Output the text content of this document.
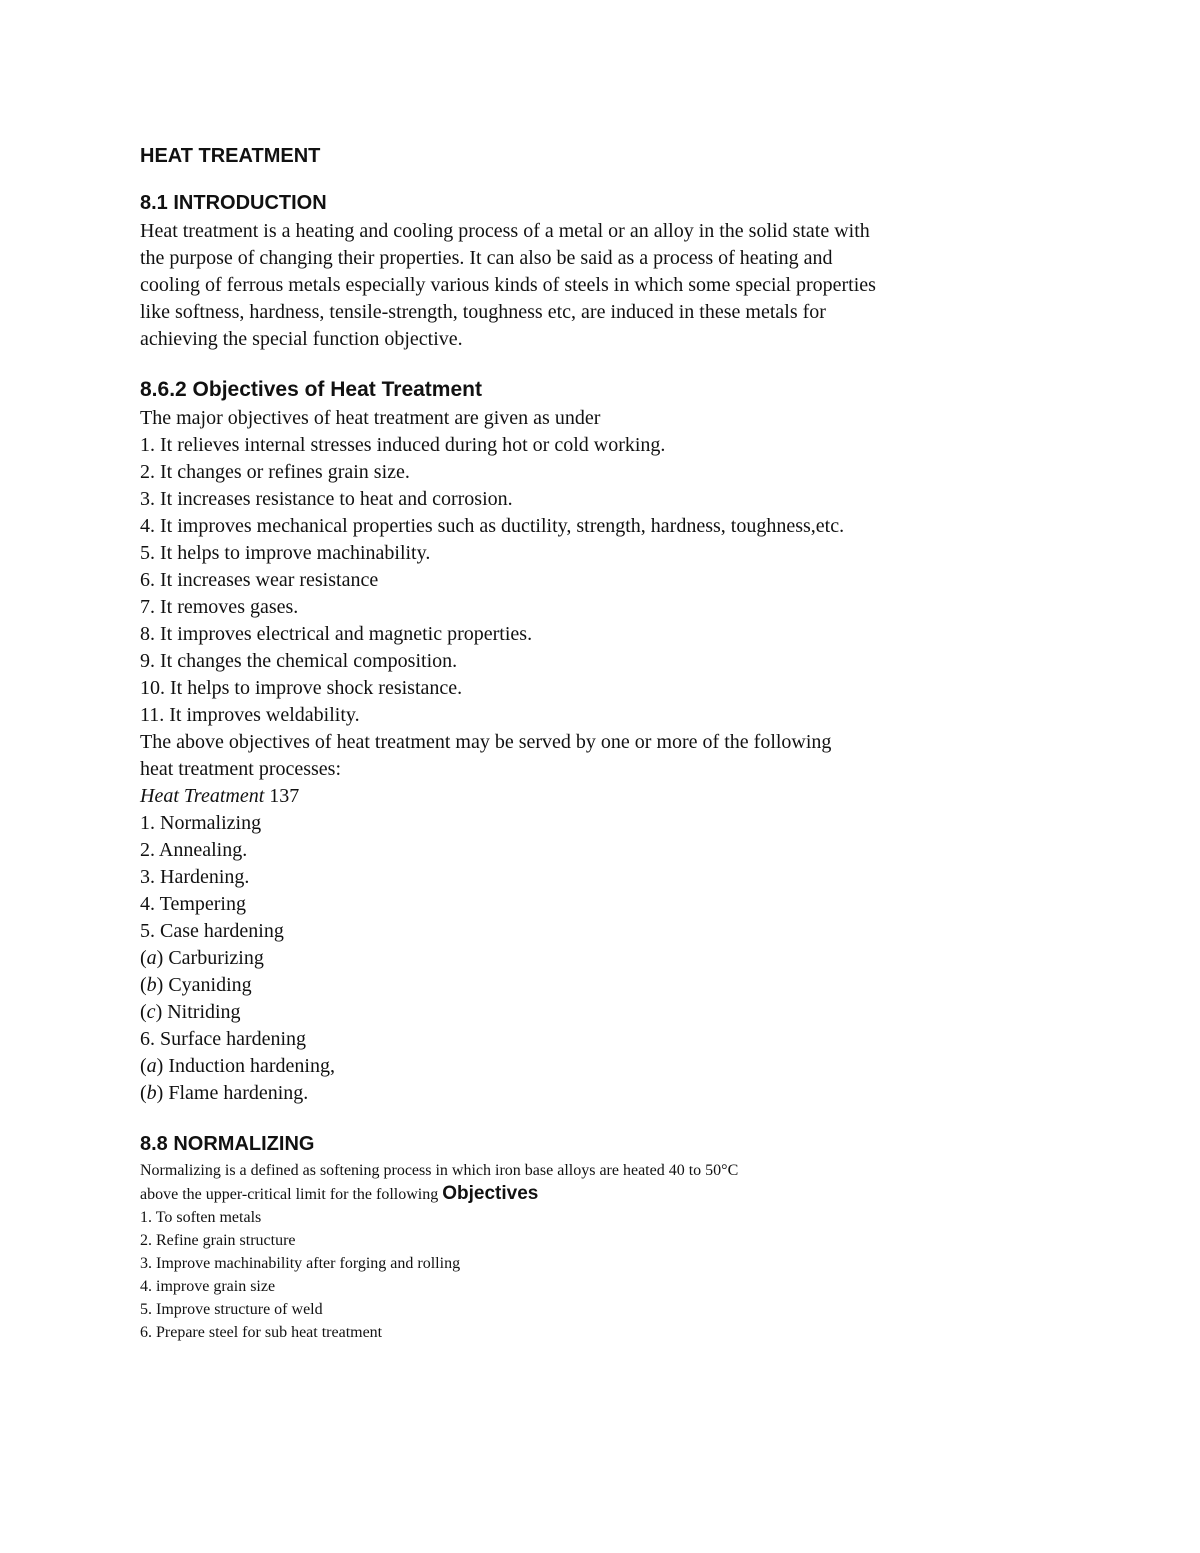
HEAT TREATMENT
8.1 INTRODUCTION
Heat treatment is a heating and cooling process of a metal or an alloy in the solid state with
the purpose of changing their properties. It can also be said as a process of heating and
cooling of ferrous metals especially various kinds of steels in which some special properties
like softness, hardness, tensile-strength, toughness etc, are induced in these metals for
achieving the special function objective.
8.6.2 Objectives of Heat Treatment
The major objectives of heat treatment are given as under
1. It relieves internal stresses induced during hot or cold working.
2. It changes or refines grain size.
3. It increases resistance to heat and corrosion.
4. It improves mechanical properties such as ductility, strength, hardness, toughness,etc.
5. It helps to improve machinability.
6. It increases wear resistance
7. It removes gases.
8. It improves electrical and magnetic properties.
9. It changes the chemical composition.
10. It helps to improve shock resistance.
11. It improves weldability.
The above objectives of heat treatment may be served by one or more of the following
heat treatment processes:
Heat Treatment 137
1. Normalizing
2. Annealing.
3. Hardening.
4. Tempering
5. Case hardening
(a) Carburizing
(b) Cyaniding
(c) Nitriding
6. Surface hardening
(a) Induction hardening,
(b) Flame hardening.
8.8 NORMALIZING
Normalizing is a defined as softening process in which iron base alloys are heated 40 to 50°C
above the upper-critical limit for the following Objectives
1. To soften metals
2. Refine grain structure
3. Improve machinability after forging and rolling
4. improve grain size
5. Improve structure of weld
6. Prepare steel for sub heat treatment
